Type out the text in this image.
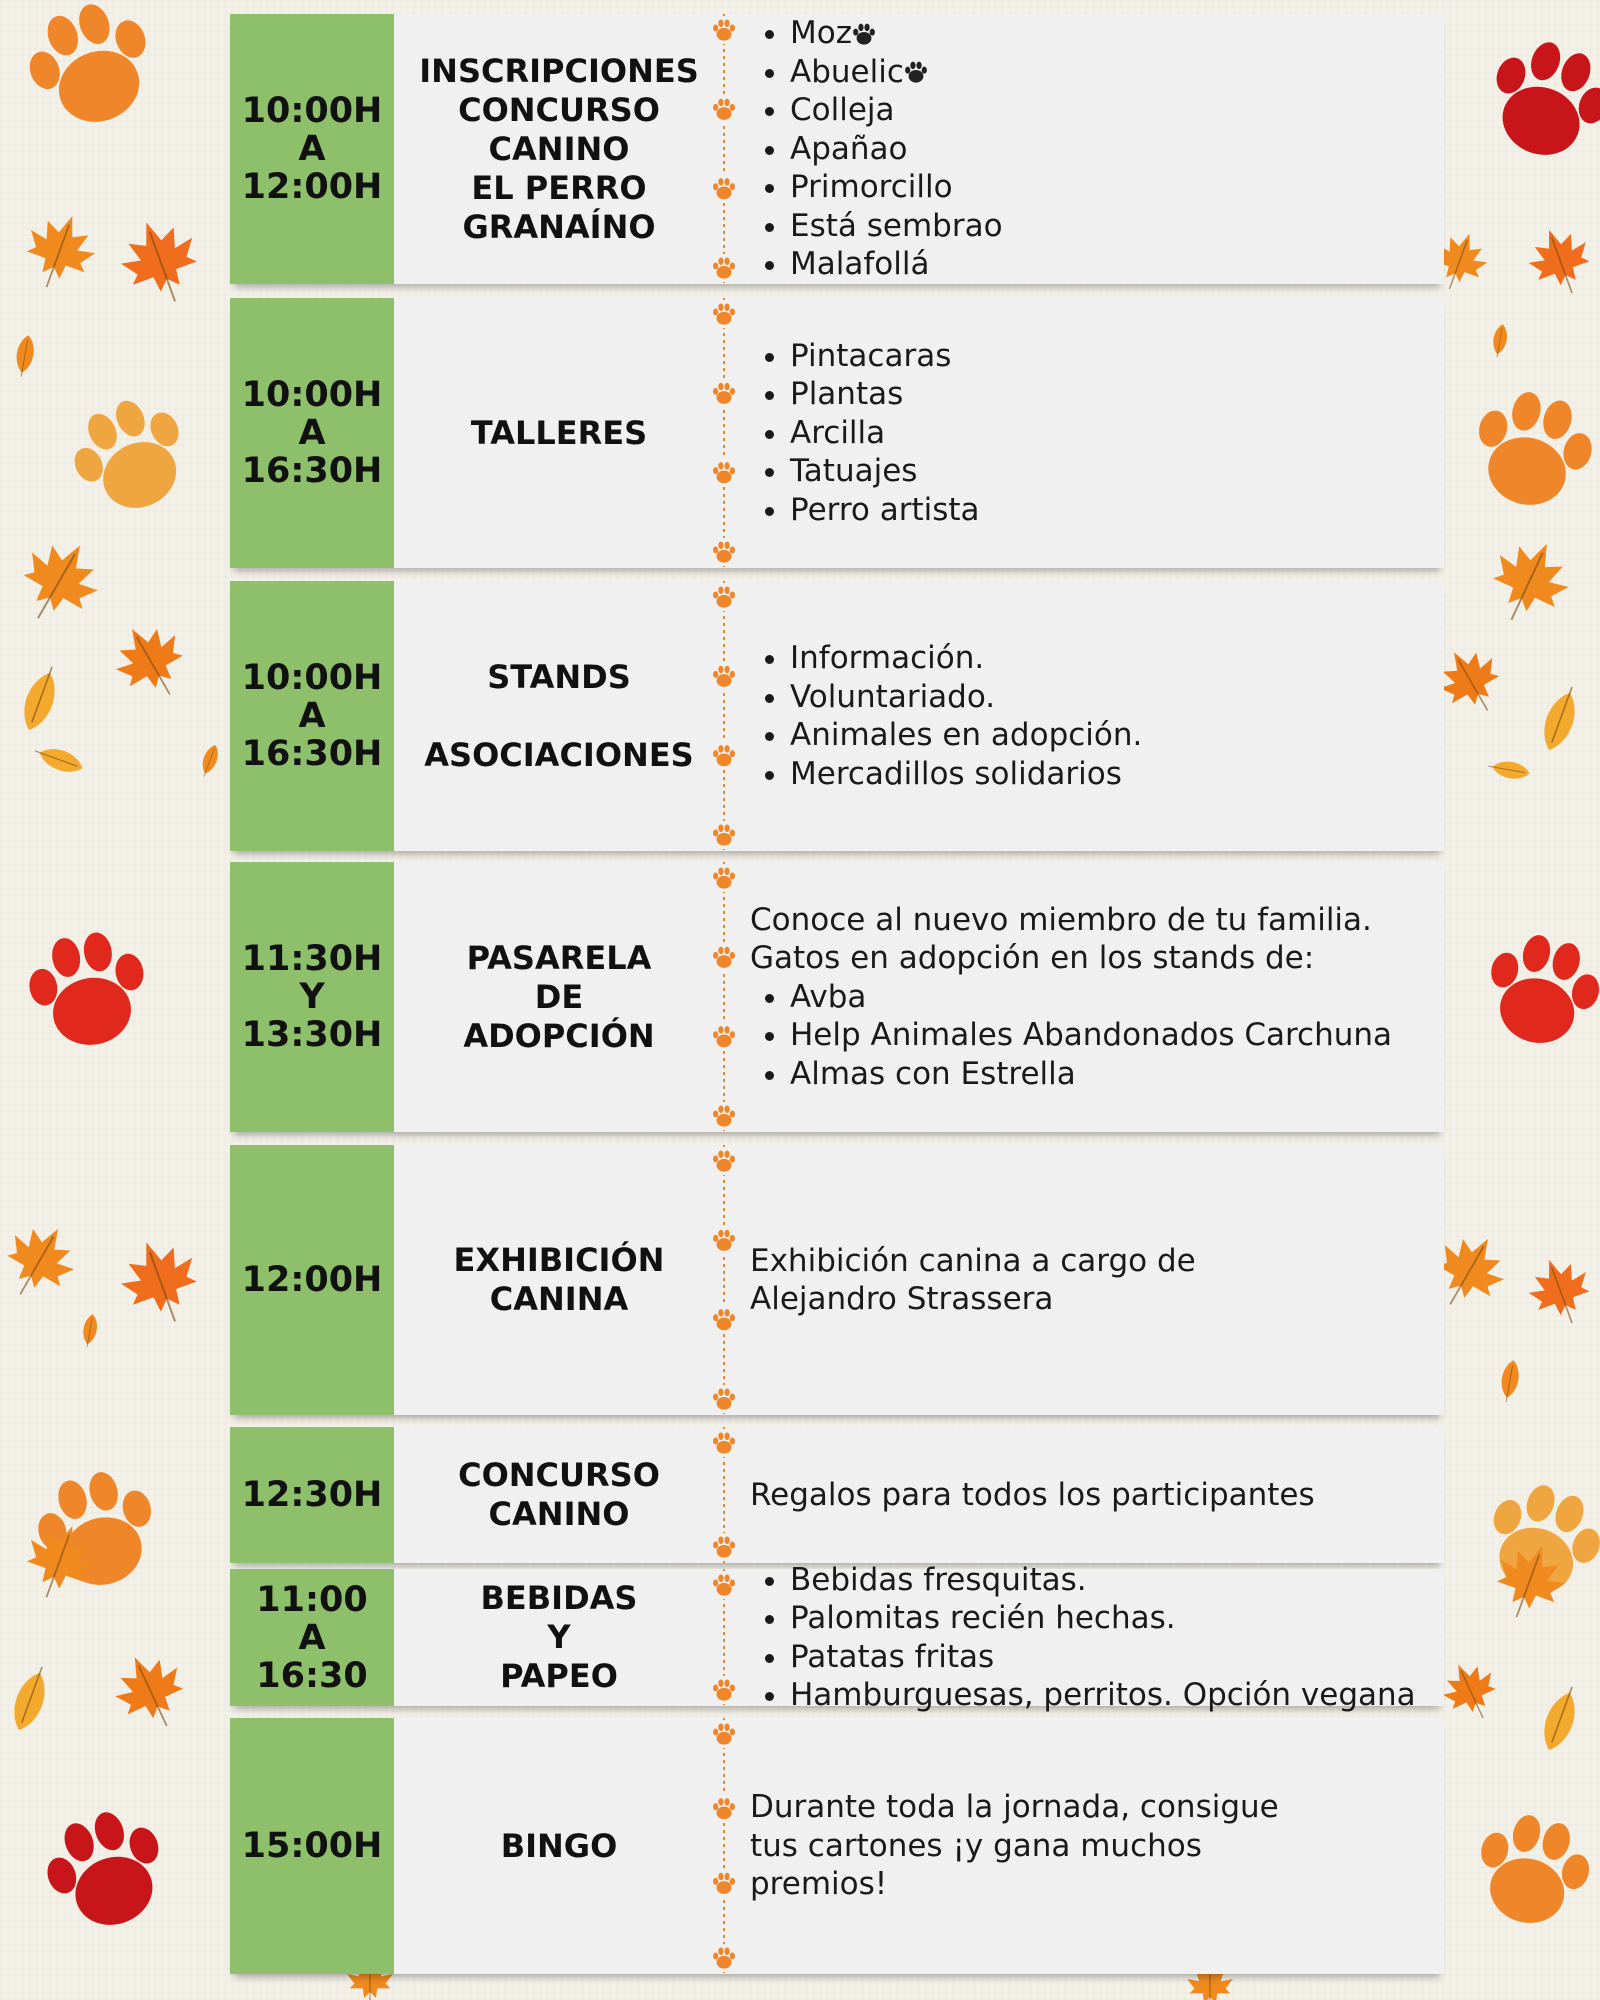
10:00H
A
12:00H
INSCRIPCIONES
CONCURSO
CANINO
EL PERRO
GRANAÍNO
• Moz
• Abuelic
• Colleja
• Apañao
• Primorcillo
• Está sembrao
• Malafollá
10:00H
A
16:30H
TALLERES
• Pintacaras
• Plantas
• Arcilla
• Tatuajes
• Perro artista
10:00H
A
16:30H
STANDS

ASOCIACIONES
• Información.
• Voluntariado.
• Animales en adopción.
• Mercadillos solidarios
11:30H
Y
13:30H
PASARELA
DE
ADOPCIÓN

Conoce al nuevo miembro de tu familia.

Gatos en adopción en los stands de:

• Avba
• Help Animales Abandonados Carchuna
• Almas con Estrella
12:00H EXHIBICIÓN
CANINA

Exhibición canina a cargo de

Alejandro Strassera

12:30H CONCURSO
CANINO

Regalos para todos los participantes

11:00
A
16:30
BEBIDAS
Y
PAPEO
• Bebidas fresquitas.
• Palomitas recién hechas.
• Patatas fritas
• Hamburguesas, perritos. Opción vegana
15:00H	BINGO

Durante toda la jornada, consigue

tus cartones ¡y gana muchos

premios!
